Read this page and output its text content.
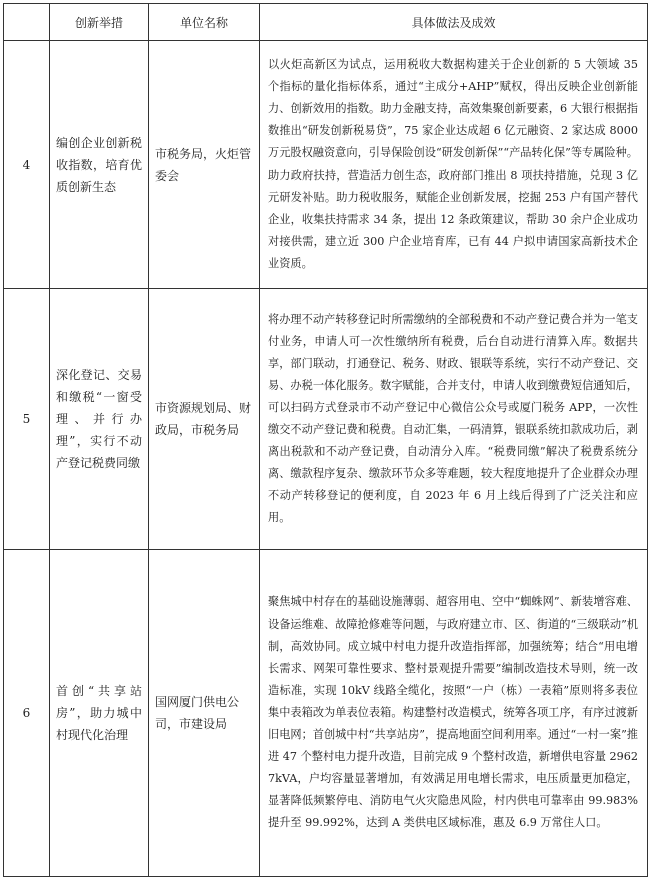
	创新举措	单位名称	具体做法及成效
4	编创企业创新税收指数，培育优质创新生态	市税务局，火炬管委会	以火炬高新区为试点，运用税收大数据构建关于企业创新的 5 大领域 35 个指标的量化指标体系，通过“主成分+AHP”赋权，得出反映企业创新能力、创新效用的指数。助力金融支持，高效集聚创新要素，6 大银行根据指数推出“研发创新税易贷”，75 家企业达成超 6 亿元融资、2 家达成 8000 万元股权融资意向，引导保险创设“研发创新保”“产品转化保”等专属险种。助力政府扶持，营造活力创生态，政府部门推出 8 项扶持措施，兑现 3 亿元研发补贴。助力税收服务，赋能企业创新发展，挖掘 253 户有国产替代企业，收集扶持需求 34 条，提出 12 条政策建议，帮助 30 余户企业成功对接供需，建立近 300 户企业培育库，已有 44 户拟申请国家高新技术企业资质。
5	深化登记、交易和缴税“一窗受理、并行办理”，实行不动产登记税费同缴	市资源规划局、财政局，市税务局	将办理不动产转移登记时所需缴纳的全部税费和不动产登记费合并为一笔支付业务，申请人可一次性缴纳所有税费，后台自动进行清算入库。数据共享，部门联动，打通登记、税务、财政、银联等系统，实行不动产登记、交易、办税一体化服务。数字赋能，合并支付，申请人收到缴费短信通知后，可以扫码方式登录市不动产登记中心微信公众号或厦门税务 APP，一次性缴交不动产登记费和税费。自动汇集，一码清算，银联系统扣款成功后，剥离出税款和不动产登记费，自动清分入库。“税费同缴”解决了税费系统分离、缴款程序复杂、缴款环节众多等难题，较大程度地提升了企业群众办理不动产转移登记的便利度，自 2023 年 6 月上线后得到了广泛关注和应用。
6	首创“共享站房”，助力城中村现代化治理	国网厦门供电公司，市建设局	聚焦城中村存在的基础设施薄弱、超容用电、空中“蜘蛛网”、新装增容难、设备运维难、故障抢修难等问题，与政府建立市、区、街道的“三级联动”机制，高效协同。成立城中村电力提升改造指挥部，加强统筹；结合“用电增长需求、网架可靠性要求、整村景观提升需要”编制改造技术导则，统一改造标准，实现 10kV 线路全缆化，按照“一户（栋）一表箱”原则将多表位集中表箱改为单表位表箱。构建整村改造模式，统筹各项工序，有序过渡新旧电网；首创城中村“共享站房”，提高地面空间利用率。通过“一村一案”推进 47 个整村电力提升改造，目前完成 9 个整村改造，新增供电容量 29627kVA，户均容量显著增加，有效满足用电增长需求，电压质量更加稳定，显著降低频繁停电、消防电气火灾隐患风险，村内供电可靠率由 99.983%提升至 99.992%，达到 A 类供电区域标准，惠及 6.9 万常住人口。
